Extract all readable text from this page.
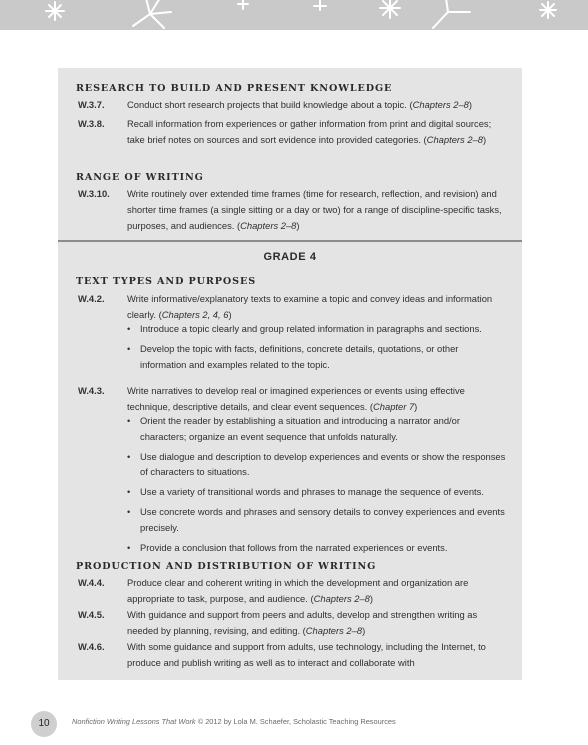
RESEARCH TO BUILD AND PRESENT KNOWLEDGE
W.3.7. Conduct short research projects that build knowledge about a topic. (Chapters 2–8)
W.3.8. Recall information from experiences or gather information from print and digital sources; take brief notes on sources and sort evidence into provided categories. (Chapters 2–8)
RANGE OF WRITING
W.3.10. Write routinely over extended time frames (time for research, reflection, and revision) and shorter time frames (a single sitting or a day or two) for a range of discipline-specific tasks, purposes, and audiences. (Chapters 2–8)
GRADE 4
TEXT TYPES AND PURPOSES
W.4.2. Write informative/explanatory texts to examine a topic and convey ideas and information clearly. (Chapters 2, 4, 6)
• Introduce a topic clearly and group related information in paragraphs and sections.
• Develop the topic with facts, definitions, concrete details, quotations, or other information and examples related to the topic.
W.4.3. Write narratives to develop real or imagined experiences or events using effective technique, descriptive details, and clear event sequences. (Chapter 7)
• Orient the reader by establishing a situation and introducing a narrator and/or characters; organize an event sequence that unfolds naturally.
• Use dialogue and description to develop experiences and events or show the responses of characters to situations.
• Use a variety of transitional words and phrases to manage the sequence of events.
• Use concrete words and phrases and sensory details to convey experiences and events precisely.
• Provide a conclusion that follows from the narrated experiences or events.
PRODUCTION AND DISTRIBUTION OF WRITING
W.4.4. Produce clear and coherent writing in which the development and organization are appropriate to task, purpose, and audience. (Chapters 2–8)
W.4.5. With guidance and support from peers and adults, develop and strengthen writing as needed by planning, revising, and editing. (Chapters 2–8)
W.4.6. With some guidance and support from adults, use technology, including the Internet, to produce and publish writing as well as to interact and collaborate with
10	Nonfiction Writing Lessons That Work © 2012 by Lola M. Schaefer, Scholastic Teaching Resources
